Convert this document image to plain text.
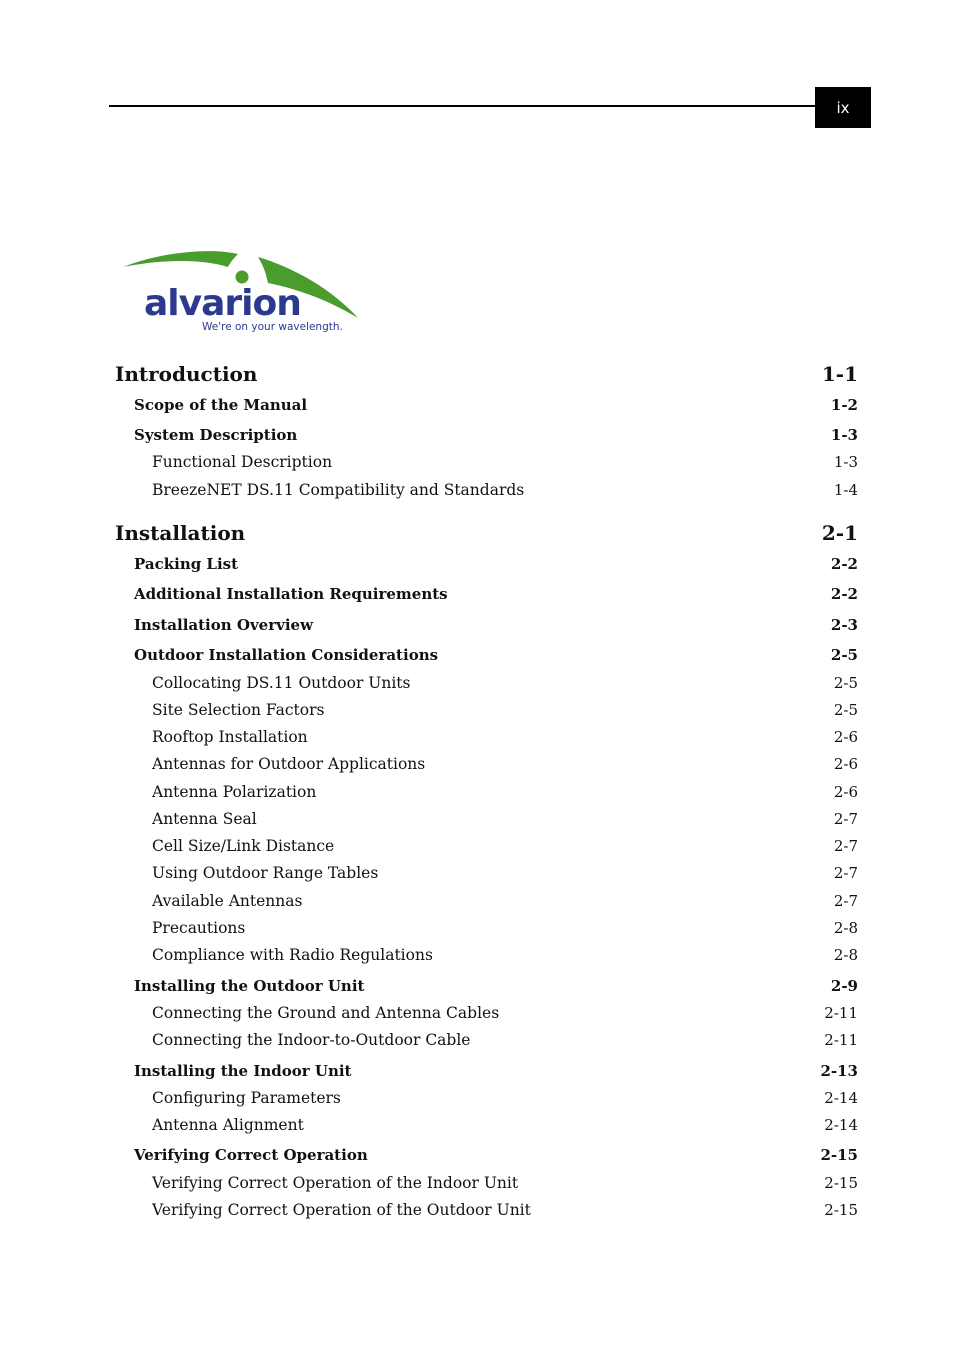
ix
alvarion
We're on your wavelength.
Introduction	1-1
Scope of the Manual	1-2
System Description	1-3
Functional Description	1-3
BreezeNET DS.11 Compatibility and Standards	1-4
Installation	2-1
Packing List	2-2
Additional Installation Requirements	2-2
Installation Overview	2-3
Outdoor Installation Considerations	2-5
Collocating DS.11 Outdoor Units	2-5
Site Selection Factors	2-5
Rooftop Installation	2-6
Antennas for Outdoor Applications	2-6
Antenna Polarization	2-6
Antenna Seal	2-7
Cell Size/Link Distance	2-7
Using Outdoor Range Tables	2-7
Available Antennas	2-7
Precautions	2-8
Compliance with Radio Regulations	2-8
Installing the Outdoor Unit	2-9
Connecting the Ground and Antenna Cables	2-11
Connecting the Indoor-to-Outdoor Cable	2-11
Installing the Indoor Unit	2-13
Configuring Parameters	2-14
Antenna Alignment	2-14
Verifying Correct Operation	2-15
Verifying Correct Operation of the Indoor Unit	2-15
Verifying Correct Operation of the Outdoor Unit	2-15
